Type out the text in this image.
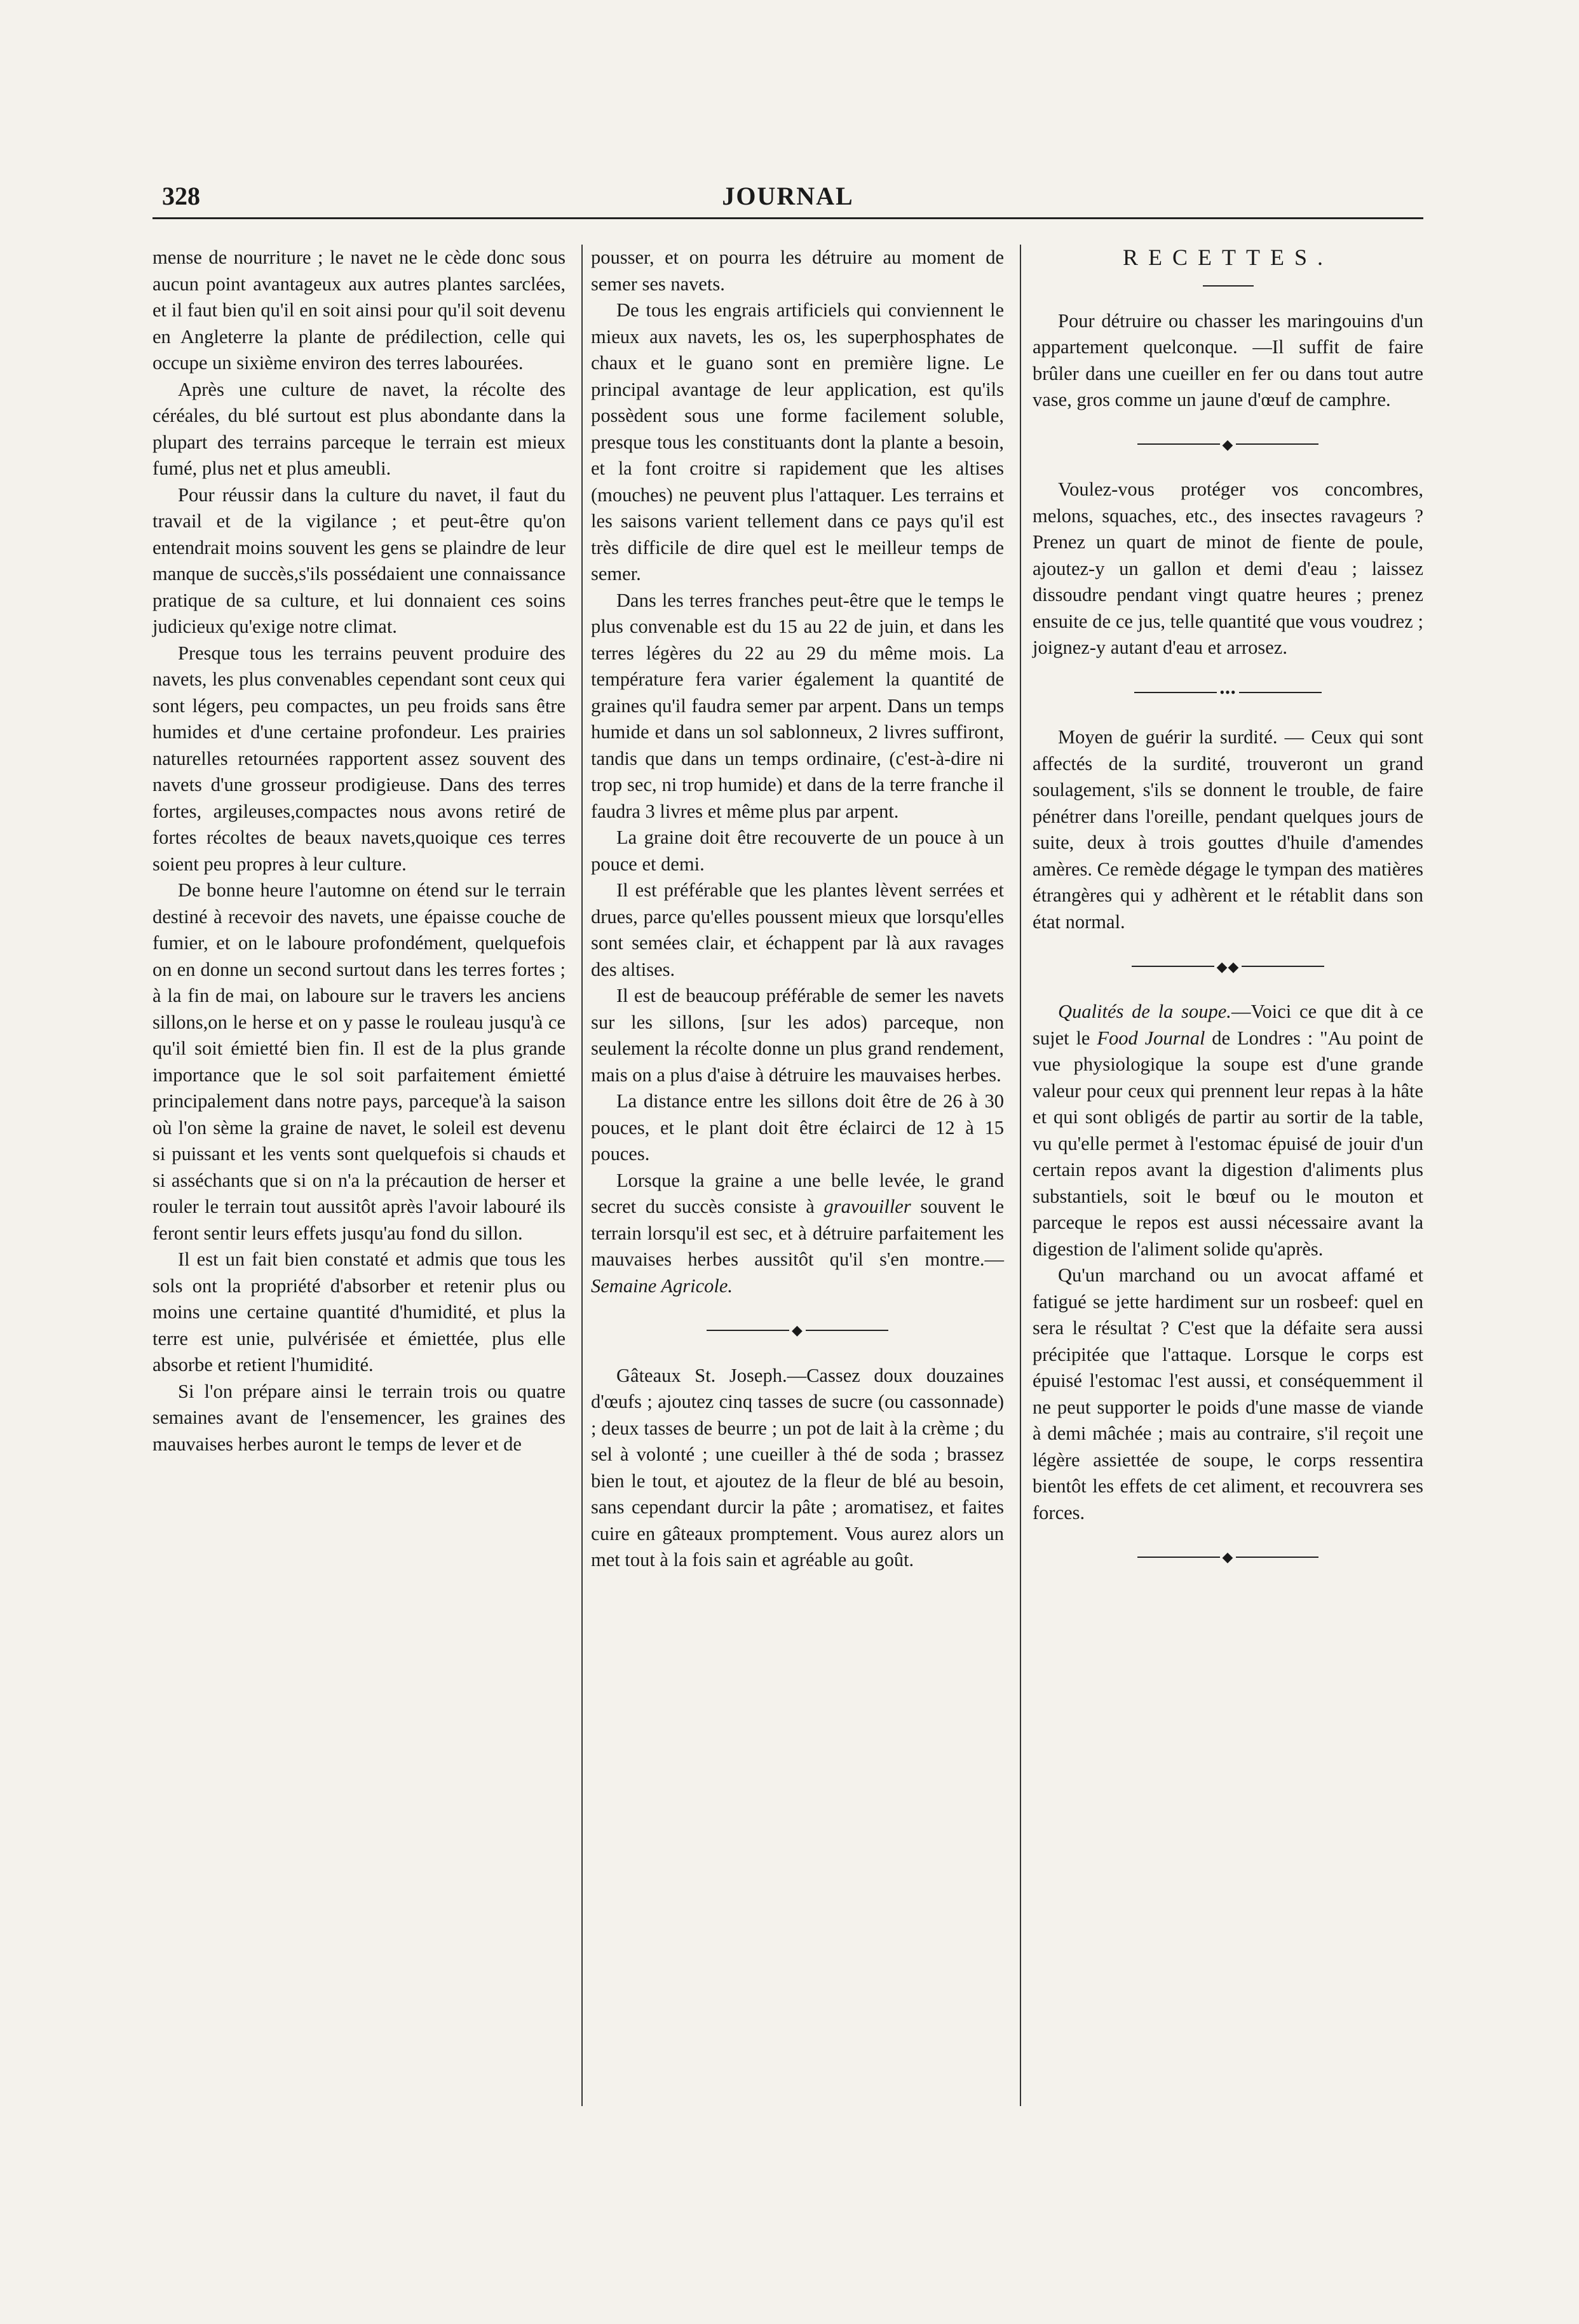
328	JOURNAL

mense de nourriture ; le navet ne le cède donc sous aucun point avantageux aux autres plantes sarclées, et il faut bien qu'il en soit ainsi pour qu'il soit devenu en Angleterre la plante de prédilection, celle qui occupe un sixième environ des terres labourées.

Après une culture de navet, la récolte des céréales, du blé surtout est plus abondante dans la plupart des terrains parceque le terrain est mieux fumé, plus net et plus ameubli.

Pour réussir dans la culture du navet, il faut du travail et de la vigilance ; et peut-être qu'on entendrait moins souvent les gens se plaindre de leur manque de succès,s'ils possédaient une connaissance pratique de sa culture, et lui donnaient ces soins judicieux qu'exige notre climat.

Presque tous les terrains peuvent produire des navets, les plus convenables cependant sont ceux qui sont légers, peu compactes, un peu froids sans être humides et d'une certaine profondeur. Les prairies naturelles retournées rapportent assez souvent des navets d'une grosseur prodigieuse. Dans des terres fortes, argileuses,compactes nous avons retiré de fortes récoltes de beaux navets,quoique ces terres soient peu propres à leur culture.

De bonne heure l'automne on étend sur le terrain destiné à recevoir des navets, une épaisse couche de fumier, et on le laboure profondément, quelquefois on en donne un second surtout dans les terres fortes ; à la fin de mai, on laboure sur le travers les anciens sillons,on le herse et on y passe le rouleau jusqu'à ce qu'il soit émietté bien fin. Il est de la plus grande importance que le sol soit parfaitement émietté principalement dans notre pays, parceque'à la saison où l'on sème la graine de navet, le soleil est devenu si puissant et les vents sont quelquefois si chauds et si asséchants que si on n'a la précaution de herser et rouler le terrain tout aussitôt après l'avoir labouré ils feront sentir leurs effets jusqu'au fond du sillon.

Il est un fait bien constaté et admis que tous les sols ont la propriété d'absorber et retenir plus ou moins une certaine quantité d'humidité, et plus la terre est unie, pulvérisée et émiettée, plus elle absorbe et retient l'humidité.

Si l'on prépare ainsi le terrain trois ou quatre semaines avant de l'ensemencer, les graines des mauvaises herbes auront le temps de lever et de

pousser, et on pourra les détruire au moment de semer ses navets.

De tous les engrais artificiels qui conviennent le mieux aux navets, les os, les superphosphates de chaux et le guano sont en première ligne. Le principal avantage de leur application, est qu'ils possèdent sous une forme facilement soluble, presque tous les constituants dont la plante a besoin, et la font croitre si rapidement que les altises (mouches) ne peuvent plus l'attaquer. Les terrains et les saisons varient tellement dans ce pays qu'il est très difficile de dire quel est le meilleur temps de semer.

Dans les terres franches peut-être que le temps le plus convenable est du 15 au 22 de juin, et dans les terres légères du 22 au 29 du même mois. La température fera varier également la quantité de graines qu'il faudra semer par arpent. Dans un temps humide et dans un sol sablonneux, 2 livres suffiront, tandis que dans un temps ordinaire, (c'est-à-dire ni trop sec, ni trop humide) et dans de la terre franche il faudra 3 livres et même plus par arpent.

La graine doit être recouverte de un pouce à un pouce et demi.

Il est préférable que les plantes lèvent serrées et drues, parce qu'elles poussent mieux que lorsqu'elles sont semées clair, et échappent par là aux ravages des altises.

Il est de beaucoup préférable de semer les navets sur les sillons, [sur les ados) parceque, non seulement la récolte donne un plus grand rendement, mais on a plus d'aise à détruire les mauvaises herbes.

La distance entre les sillons doit être de 26 à 30 pouces, et le plant doit être éclairci de 12 à 15 pouces.

Lorsque la graine a une belle levée, le grand secret du succès consiste à gravouiller souvent le terrain lorsqu'il est sec, et à détruire parfaitement les mauvaises herbes aussitôt qu'il s'en montre.—Semaine Agricole.

◆

Gâteaux St. Joseph.—Cassez doux douzaines d'œufs ; ajoutez cinq tasses de sucre (ou cassonnade) ; deux tasses de beurre ; un pot de lait à la crème ; du sel à volonté ; une cueiller à thé de soda ; brassez bien le tout, et ajoutez de la fleur de blé au besoin, sans cependant durcir la pâte ; aromatisez, et faites cuire en gâteaux promptement. Vous aurez alors un met tout à la fois sain et agréable au goût.

RECETTES.

Pour détruire ou chasser les maringouins d'un appartement quelconque. —Il suffit de faire brûler dans une cueiller en fer ou dans tout autre vase, gros comme un jaune d'œuf de camphre.

◆

Voulez-vous protéger vos concombres, melons, squaches, etc., des insectes ravageurs ? Prenez un quart de minot de fiente de poule, ajoutez-y un gallon et demi d'eau ; laissez dissoudre pendant vingt quatre heures ; prenez ensuite de ce jus, telle quantité que vous voudrez ; joignez-y autant d'eau et arrosez.

•••

Moyen de guérir la surdité. — Ceux qui sont affectés de la surdité, trouveront un grand soulagement, s'ils se donnent le trouble, de faire pénétrer dans l'oreille, pendant quelques jours de suite, deux à trois gouttes d'huile d'amendes amères. Ce remède dégage le tympan des matières étrangères qui y adhèrent et le rétablit dans son état normal.

◆◆

Qualités de la soupe.—Voici ce que dit à ce sujet le Food Journal de Londres : "Au point de vue physiologique la soupe est d'une grande valeur pour ceux qui prennent leur repas à la hâte et qui sont obligés de partir au sortir de la table, vu qu'elle permet à l'estomac épuisé de jouir d'un certain repos avant la digestion d'aliments plus substantiels, soit le bœuf ou le mouton et parceque le repos est aussi nécessaire avant la digestion de l'aliment solide qu'après.

Qu'un marchand ou un avocat affamé et fatigué se jette hardiment sur un rosbeef: quel en sera le résultat ? C'est que la défaite sera aussi précipitée que l'attaque. Lorsque le corps est épuisé l'estomac l'est aussi, et conséquemment il ne peut supporter le poids d'une masse de viande à demi mâchée ; mais au contraire, s'il reçoit une légère assiettée de soupe, le corps ressentira bientôt les effets de cet aliment, et recouvrera ses forces.

◆
